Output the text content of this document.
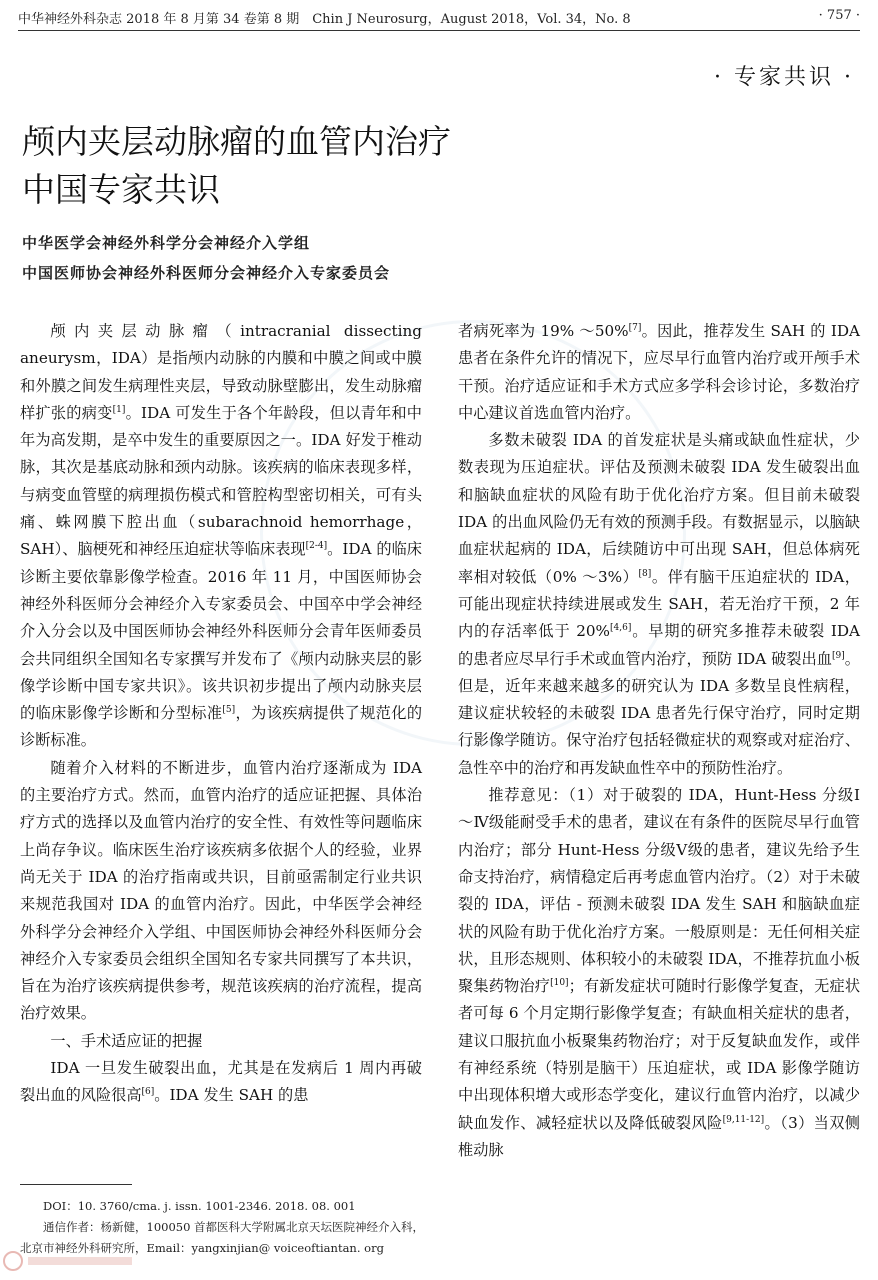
中华神经外科杂志 2018 年 8 月第 34 卷第 8 期　Chin J Neurosurg，August 2018，Vol. 34，No. 8	· 757 ·
· 专家共识 ·
颅内夹层动脉瘤的血管内治疗
中国专家共识
中华医学会神经外科学分会神经介入学组
中国医师协会神经外科医师分会神经介入专家委员会

颅内夹层动脉瘤（intracranial dissecting aneurysm，IDA）是指颅内动脉的内膜和中膜之间或中膜和外膜之间发生病理性夹层，导致动脉壁膨出，发生动脉瘤样扩张的病变[1]。IDA 可发生于各个年龄段，但以青年和中年为高发期，是卒中发生的重要原因之一。IDA 好发于椎动脉，其次是基底动脉和颈内动脉。该疾病的临床表现多样，与病变血管壁的病理损伤模式和管腔构型密切相关，可有头痛、蛛网膜下腔出血（subarachnoid hemorrhage，SAH）、脑梗死和神经压迫症状等临床表现[2-4]。IDA 的临床诊断主要依靠影像学检查。2016 年 11 月，中国医师协会神经外科医师分会神经介入专家委员会、中国卒中学会神经介入分会以及中国医师协会神经外科医师分会青年医师委员会共同组织全国知名专家撰写并发布了《颅内动脉夹层的影像学诊断中国专家共识》。该共识初步提出了颅内动脉夹层的临床影像学诊断和分型标准[5]，为该疾病提供了规范化的诊断标准。

随着介入材料的不断进步，血管内治疗逐渐成为 IDA 的主要治疗方式。然而，血管内治疗的适应证把握、具体治疗方式的选择以及血管内治疗的安全性、有效性等问题临床上尚存争议。临床医生治疗该疾病多依据个人的经验，业界尚无关于 IDA 的治疗指南或共识，目前亟需制定行业共识来规范我国对 IDA 的血管内治疗。因此，中华医学会神经外科学分会神经介入学组、中国医师协会神经外科医师分会神经介入专家委员会组织全国知名专家共同撰写了本共识，旨在为治疗该疾病提供参考，规范该疾病的治疗流程，提高治疗效果。

一、手术适应证的把握

IDA 一旦发生破裂出血，尤其是在发病后 1 周内再破裂出血的风险很高[6]。IDA 发生 SAH 的患

者病死率为 19% ～50%[7]。因此，推荐发生 SAH 的 IDA 患者在条件允许的情况下，应尽早行血管内治疗或开颅手术干预。治疗适应证和手术方式应多学科会诊讨论，多数治疗中心建议首选血管内治疗。

多数未破裂 IDA 的首发症状是头痛或缺血性症状，少数表现为压迫症状。评估及预测未破裂 IDA 发生破裂出血和脑缺血症状的风险有助于优化治疗方案。但目前未破裂 IDA 的出血风险仍无有效的预测手段。有数据显示，以脑缺血症状起病的 IDA，后续随访中可出现 SAH，但总体病死率相对较低（0% ～3%）[8]。伴有脑干压迫症状的 IDA，可能出现症状持续进展或发生 SAH，若无治疗干预，2 年内的存活率低于 20%[4,6]。早期的研究多推荐未破裂 IDA 的患者应尽早行手术或血管内治疗，预防 IDA 破裂出血[9]。但是，近年来越来越多的研究认为 IDA 多数呈良性病程，建议症状较轻的未破裂 IDA 患者先行保守治疗，同时定期行影像学随访。保守治疗包括轻微症状的观察或对症治疗、急性卒中的治疗和再发缺血性卒中的预防性治疗。

推荐意见：（1）对于破裂的 IDA，Hunt-Hess 分级Ⅰ～Ⅳ级能耐受手术的患者，建议在有条件的医院尽早行血管内治疗；部分 Hunt-Hess 分级Ⅴ级的患者，建议先给予生命支持治疗，病情稳定后再考虑血管内治疗。（2）对于未破裂的 IDA，评估 - 预测未破裂 IDA 发生 SAH 和脑缺血症状的风险有助于优化治疗方案。一般原则是：无任何相关症状，且形态规则、体积较小的未破裂 IDA，不推荐抗血小板聚集药物治疗[10]；有新发症状可随时行影像学复查，无症状者可每 6 个月定期行影像学复查；有缺血相关症状的患者，建议口服抗血小板聚集药物治疗；对于反复缺血发作，或伴有神经系统（特别是脑干）压迫症状，或 IDA 影像学随访中出现体积增大或形态学变化，建议行血管内治疗，以减少缺血发作、减轻症状以及降低破裂风险[9,11-12]。（3）当双侧椎动脉

DOI：10. 3760/cma. j. issn. 1001-2346. 2018. 08. 001

通信作者：杨新健，100050 首都医科大学附属北京天坛医院神经介入科，北京市神经外科研究所，Email：yangxinjian@ voiceoftiantan. org
